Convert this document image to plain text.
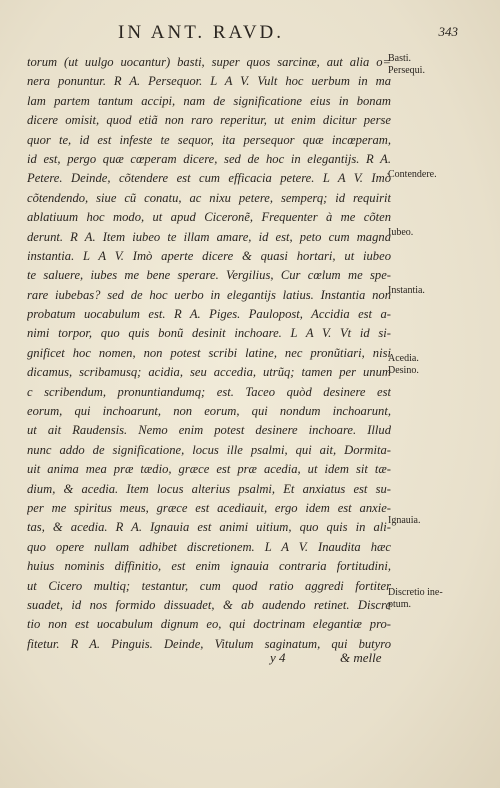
IN ANT. RAVD.	343
torum (ut uulgo uocantur) basti, super quos sarcinæ, aut alia o=
nera ponuntur. R A. Persequor. L A V. Vult hoc uerbum in ma
lam partem tantum accipi, nam de significatione eius in bonam
dicere omisit, quod etiã non raro reperitur, ut enim dicitur perse
quor te, id est infeste te sequor, ita persequor quæ incœperam,
id est, pergo quæ cœperam dicere, sed de hoc in elegantijs. R A.
Petere. Deinde, cõtendere est cum efficacia petere. L A V. Imò
cõtendendo, siue cũ conatu, ac nixu petere, semperq; id requirit
ablatiuum hoc modo, ut apud Ciceronẽ, Frequenter à me cõten
derunt. R A. Item iubeo te illam amare, id est, peto cum magna
instantia. L A V. Imò aperte dicere & quasi hortari, ut iubeo
te saluere, iubes me bene sperare. Vergilius, Cur cœlum me spe-
rare iubebas? sed de hoc uerbo in elegantijs latius. Instantia non
probatum uocabulum est. R A. Piges. Paulopost, Accidia est a-
nimi torpor, quo quis bonũ desinit inchoare. L A V. Vt id si-
gnificet hoc nomen, non potest scribi latine, nec pronũtiari, nisi
dicamus, scribamusq; acidia, seu accedia, utrũq; tamen per unum
c scribendum, pronuntiandumq; est. Taceo quòd desinere est
eorum, qui inchoarunt, non eorum, qui nondum inchoarunt,
ut ait Raudensis. Nemo enim potest desinere inchoare. Illud
nunc addo de significatione, locus ille psalmi, qui ait, Dormita-
uit anima mea præ tædio, græce est præ acedia, ut idem sit tæ-
dium, & acedia. Item locus alterius psalmi, Et anxiatus est su-
per me spiritus meus, græce est acediauit, ergo idem est anxie-
tas, & acedia. R A. Ignauia est animi uitium, quo quis in ali-
quo opere nullam adhibet discretionem. L A V. Inaudita hæc
huius nominis diffinitio, est enim ignauia contraria fortitudini,
ut Cicero multiq; testantur, cum quod ratio aggredi fortiter
suadet, id nos formido dissuadet, & ab audendo retinet. Discre
tio non est uocabulum dignum eo, qui doctrinam elegantiæ pro-
fitetur. R A. Pinguis. Deinde, Vitulum saginatum, qui butyro
Basti.
Persequi.
Contendere.
Iubeo.
Instantia.
Acedia.
Desino.
Ignauia.
Discretio ine-
ptum.
y 4	& melle
